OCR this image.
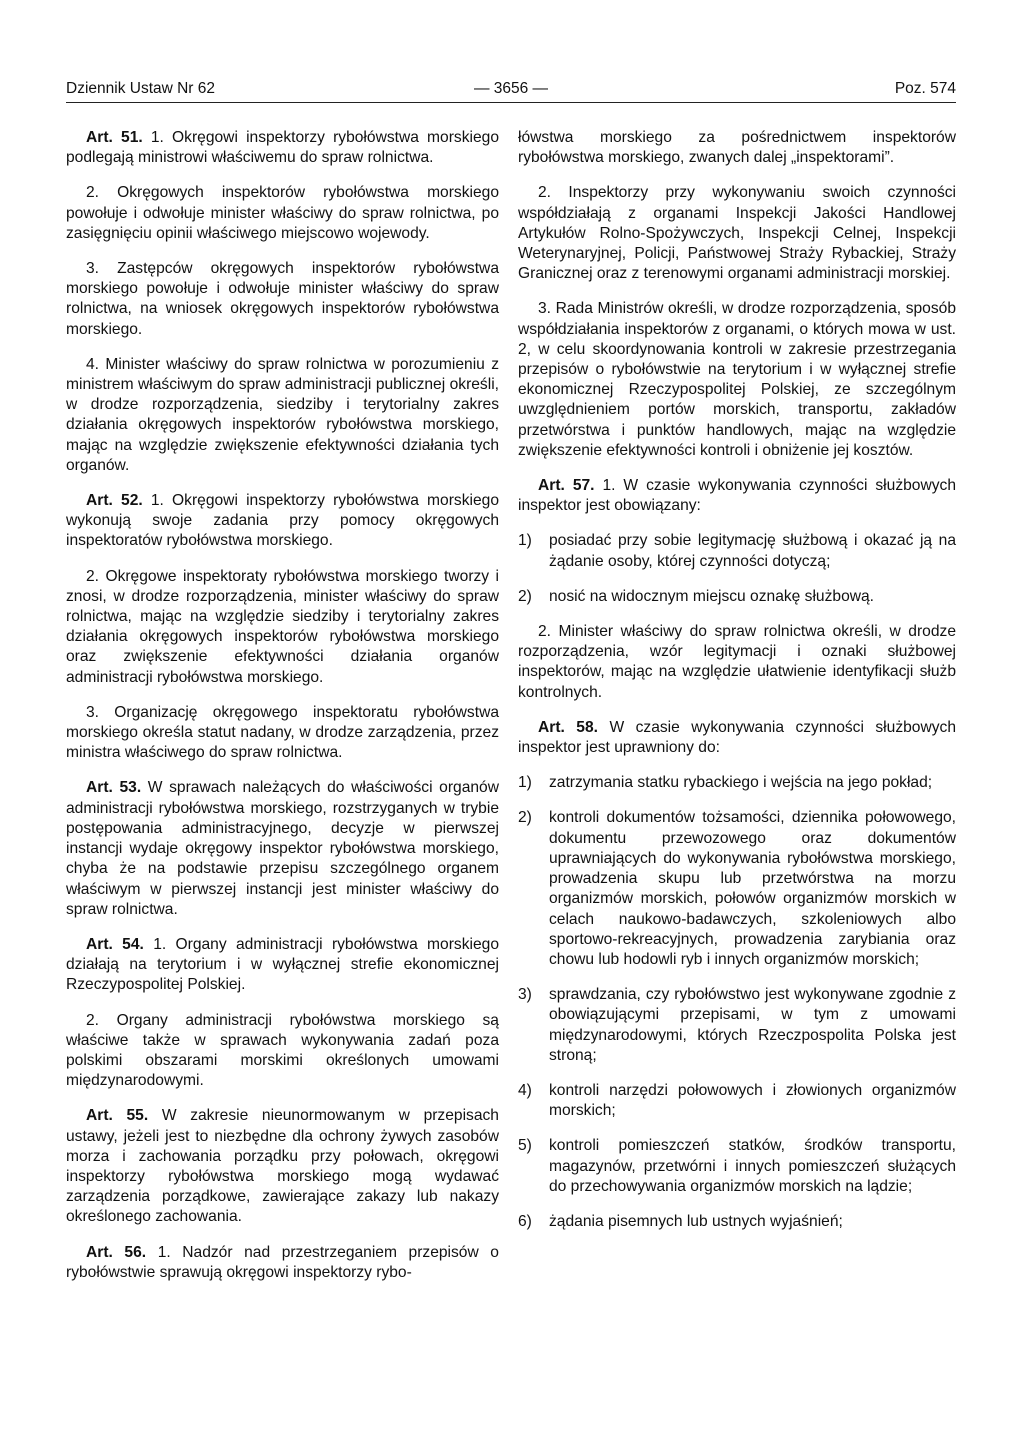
Dziennik Ustaw Nr 62	— 3656 —	Poz. 574

Art. 51. 1. Okręgowi inspektorzy rybołówstwa morskiego podlegają ministrowi właściwemu do spraw rolnictwa.

2. Okręgowych inspektorów rybołówstwa morskiego powołuje i odwołuje minister właściwy do spraw rolnictwa, po zasięgnięciu opinii właściwego miejscowo wojewody.

3. Zastępców okręgowych inspektorów rybołówstwa morskiego powołuje i odwołuje minister właściwy do spraw rolnictwa, na wniosek okręgowych inspektorów rybołówstwa morskiego.

4. Minister właściwy do spraw rolnictwa w porozumieniu z ministrem właściwym do spraw administracji publicznej określi, w drodze rozporządzenia, siedziby i terytorialny zakres działania okręgowych inspektorów rybołówstwa morskiego, mając na względzie zwiększenie efektywności działania tych organów.

Art. 52. 1. Okręgowi inspektorzy rybołówstwa morskiego wykonują swoje zadania przy pomocy okręgowych inspektoratów rybołówstwa morskiego.

2. Okręgowe inspektoraty rybołówstwa morskiego tworzy i znosi, w drodze rozporządzenia, minister właściwy do spraw rolnictwa, mając na względzie siedziby i terytorialny zakres działania okręgowych inspektorów rybołówstwa morskiego oraz zwiększenie efektywności działania organów administracji rybołówstwa morskiego.

3. Organizację okręgowego inspektoratu rybołówstwa morskiego określa statut nadany, w drodze zarządzenia, przez ministra właściwego do spraw rolnictwa.

Art. 53. W sprawach należących do właściwości organów administracji rybołówstwa morskiego, rozstrzyganych w trybie postępowania administracyjnego, decyzje w pierwszej instancji wydaje okręgowy inspektor rybołówstwa morskiego, chyba że na podstawie przepisu szczególnego organem właściwym w pierwszej instancji jest minister właściwy do spraw rolnictwa.

Art. 54. 1. Organy administracji rybołówstwa morskiego działają na terytorium i w wyłącznej strefie ekonomicznej Rzeczypospolitej Polskiej.

2. Organy administracji rybołówstwa morskiego są właściwe także w sprawach wykonywania zadań poza polskimi obszarami morskimi określonych umowami międzynarodowymi.

Art. 55. W zakresie nieunormowanym w przepisach ustawy, jeżeli jest to niezbędne dla ochrony żywych zasobów morza i zachowania porządku przy połowach, okręgowi inspektorzy rybołówstwa morskiego mogą wydawać zarządzenia porządkowe, zawierające zakazy lub nakazy określonego zachowania.

Art. 56. 1. Nadzór nad przestrzeganiem przepisów o rybołówstwie sprawują okręgowi inspektorzy rybo-

łówstwa morskiego za pośrednictwem inspektorów rybołówstwa morskiego, zwanych dalej „inspektorami”.

2. Inspektorzy przy wykonywaniu swoich czynności współdziałają z organami Inspekcji Jakości Handlowej Artykułów Rolno-Spożywczych, Inspekcji Celnej, Inspekcji Weterynaryjnej, Policji, Państwowej Straży Rybackiej, Straży Granicznej oraz z terenowymi organami administracji morskiej.

3. Rada Ministrów określi, w drodze rozporządzenia, sposób współdziałania inspektorów z organami, o których mowa w ust. 2, w celu skoordynowania kontroli w zakresie przestrzegania przepisów o rybołówstwie na terytorium i w wyłącznej strefie ekonomicznej Rzeczypospolitej Polskiej, ze szczególnym uwzględnieniem portów morskich, transportu, zakładów przetwórstwa i punktów handlowych, mając na względzie zwiększenie efektywności kontroli i obniżenie jej kosztów.

Art. 57. 1. W czasie wykonywania czynności służbowych inspektor jest obowiązany:

1) posiadać przy sobie legitymację służbową i okazać ją na żądanie osoby, której czynności dotyczą;
2) nosić na widocznym miejscu oznakę służbową.

2. Minister właściwy do spraw rolnictwa określi, w drodze rozporządzenia, wzór legitymacji i oznaki służbowej inspektorów, mając na względzie ułatwienie identyfikacji służb kontrolnych.

Art. 58. W czasie wykonywania czynności służbowych inspektor jest uprawniony do:

1) zatrzymania statku rybackiego i wejścia na jego pokład;
2) kontroli dokumentów tożsamości, dziennika połowowego, dokumentu przewozowego oraz dokumentów uprawniających do wykonywania rybołówstwa morskiego, prowadzenia skupu lub przetwórstwa na morzu organizmów morskich, połowów organizmów morskich w celach naukowo-badawczych, szkoleniowych albo sportowo-rekreacyjnych, prowadzenia zarybiania oraz chowu lub hodowli ryb i innych organizmów morskich;
3) sprawdzania, czy rybołówstwo jest wykonywane zgodnie z obowiązującymi przepisami, w tym z umowami międzynarodowymi, których Rzeczpospolita Polska jest stroną;
4) kontroli narzędzi połowowych i złowionych organizmów morskich;
5) kontroli pomieszczeń statków, środków transportu, magazynów, przetwórni i innych pomieszczeń służących do przechowywania organizmów morskich na lądzie;
6) żądania pisemnych lub ustnych wyjaśnień;
